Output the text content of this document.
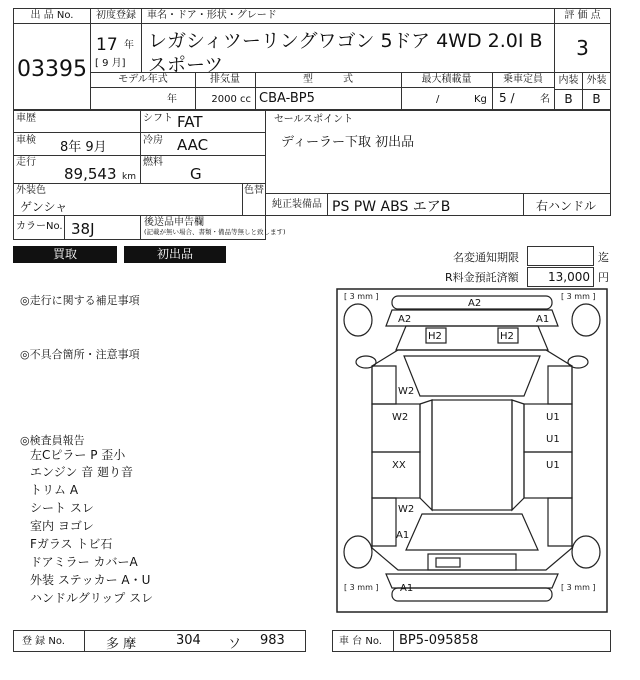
出 品 No.
03395
初度登録
17 年
[ 9 月]
車名・ドア・形状・グレード
レガシィツーリングワゴン 5ドア 4WD 2.0I B スポーツ
評 価 点
3
内装 外装
B	B
モデル年式
年
排気量
2000 cc
型　　　式
CBA-BP5
最大積載量
/	Kg
乗車定員
5 /	名
車歴	シフト FAT
車検 8年 9月	冷房 AAC
走行
89,543 km
燃料
G
外装色
ゲンシャ
色替
カラーNo. 38J	後送品申告欄
(記載が無い場合、書類・備品等無しと致します)
セールスポイント
ディーラー下取 初出品
純正装備品 PS PW ABS エアB	右ハンドル
買取	初出品	名変通知期限	迄
R料金預託済額	13,000 円
◎走行に関する補足事項
◎不具合箇所・注意事項
◎検査員報告
左Cピラー P 歪小
エンジン 音 廻り音
トリム A
シート スレ
室内 ヨゴレ
Fガラス トビ石
ドアミラー カバーA
外装 ステッカー A・U
ハンドルグリップ スレ
[ 3 mm ]	[ 3 mm ]
[ 3 mm ]	[ 3 mm ]
A2
A2	A1
H2	H2
W2
W2
XX
W2
A1
U1
U1
U1
A1
登 録 No.	多 摩	304 ソ 983	車 台 No. BP5-095858
